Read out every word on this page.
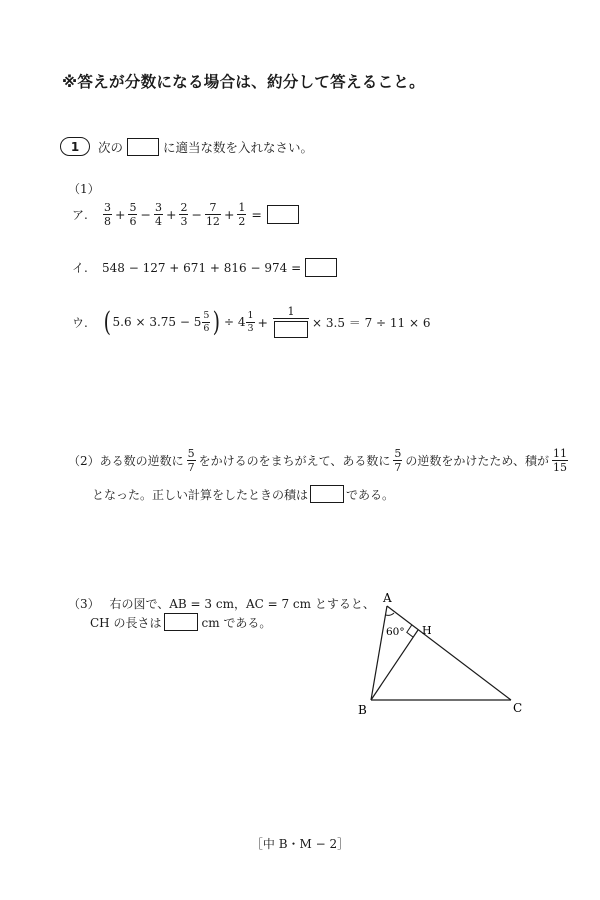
※答えが分数になる場合は、約分して答えること。
1	次の	に適当な数を入れなさい。
（1）
ア.	$\frac{3}{8} + \frac{5}{6} - \frac{3}{4} + \frac{2}{3} - \frac{7}{12} + \frac{1}{2}$ =
イ.	548 − 127 + 671 + 816 − 974 =
ウ. ( $5.6 \times 3.75 - 5 \frac{5}{6}$ ) ÷ $4 \frac{1}{3}$ +
1
× 3.5 ＝ 7 ÷ 11 × 6
（2） ある数の逆数に $\frac{5}{7}$ をかけるのをまちがえて、ある数に $\frac{5}{7}$ の逆数をかけたため、積が $\frac{11}{15}$
となった。正しい計算をしたときの積は	である。
（3） 右の図で、AB = 3 cm，AC = 7 cm とすると、
CH の長さは	cm である。
A
B	C
H
60°
［中 B・M − 2］
